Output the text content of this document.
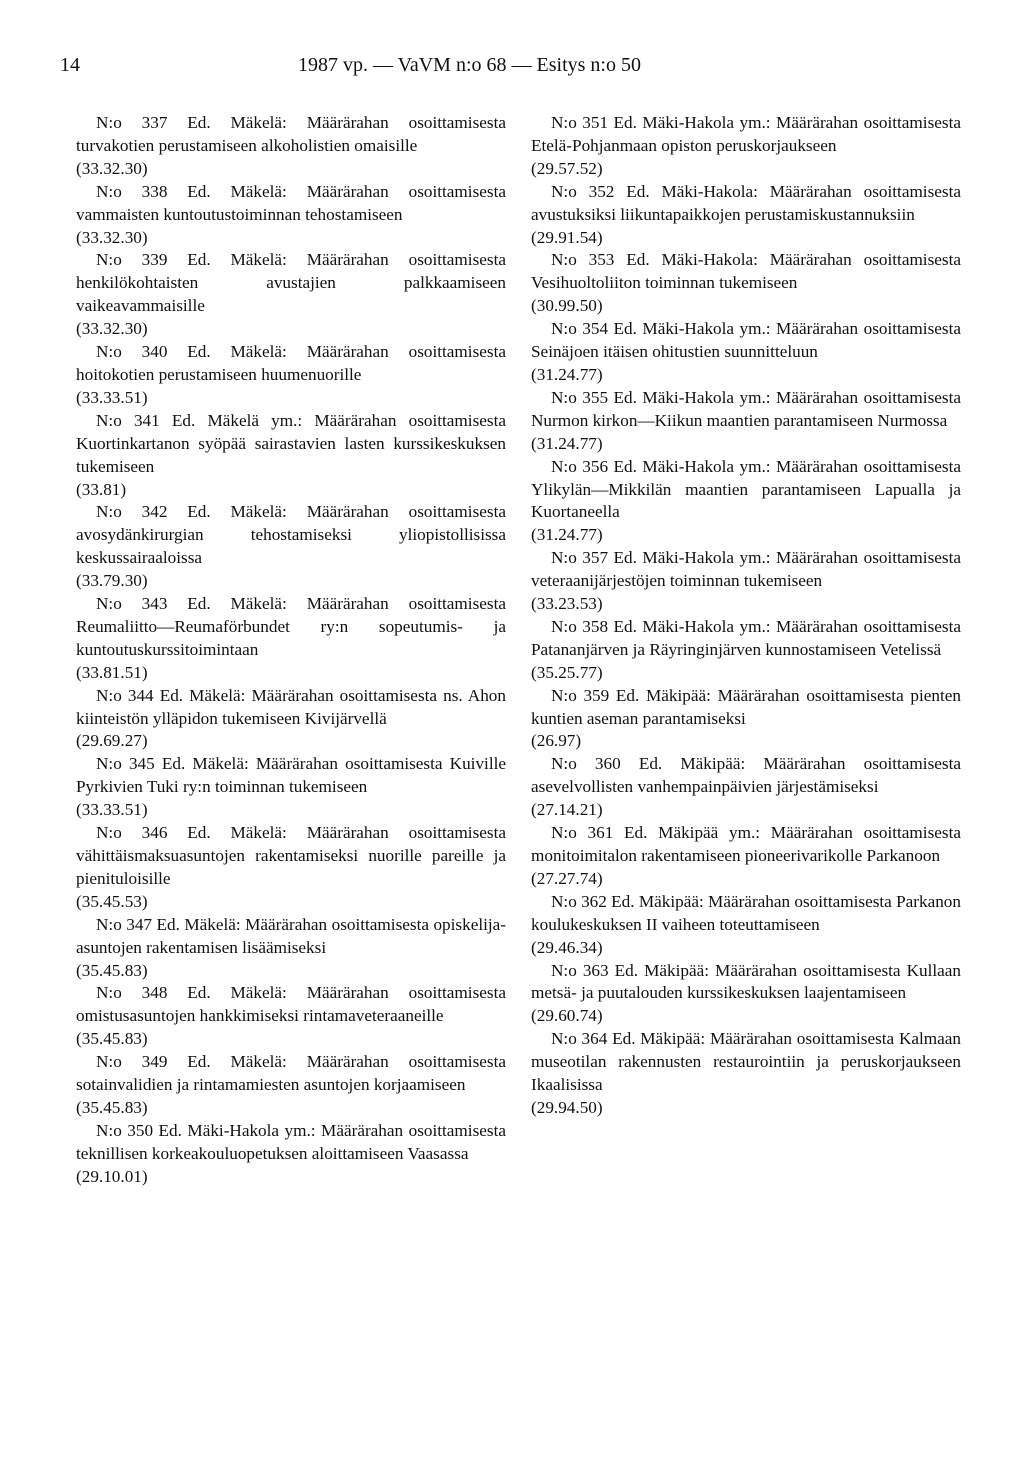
14	1987 vp. — VaVM n:o 68 — Esitys n:o 50

N:o 337 Ed. Mäkelä: Määrärahan osoittamisesta turvakotien perustamiseen alkoholistien omaisille

(33.32.30)

N:o 338 Ed. Mäkelä: Määrärahan osoittamisesta vammaisten kuntoutustoiminnan tehostamiseen

(33.32.30)

N:o 339 Ed. Mäkelä: Määrärahan osoittamisesta henkilökohtaisten avustajien palkkaamiseen vaikeavammaisille

(33.32.30)

N:o 340 Ed. Mäkelä: Määrärahan osoittamisesta hoitokotien perustamiseen huumenuorille

(33.33.51)

N:o 341 Ed. Mäkelä ym.: Määrärahan osoittamisesta Kuortinkartanon syöpää sairastavien lasten kurssikeskuksen tukemiseen

(33.81)

N:o 342 Ed. Mäkelä: Määrärahan osoittamisesta avosydänkirurgian tehostamiseksi yliopistollisissa keskussairaaloissa

(33.79.30)

N:o 343 Ed. Mäkelä: Määrärahan osoittamisesta Reumaliitto—Reumaförbundet ry:n sopeutumis- ja kuntoutuskurssitoimintaan

(33.81.51)

N:o 344 Ed. Mäkelä: Määrärahan osoittamisesta ns. Ahon kiinteistön ylläpidon tukemiseen Kivijärvellä

(29.69.27)

N:o 345 Ed. Mäkelä: Määrärahan osoittamisesta Kuiville Pyrkivien Tuki ry:n toiminnan tukemiseen

(33.33.51)

N:o 346 Ed. Mäkelä: Määrärahan osoittamisesta vähittäismaksuasuntojen rakentamiseksi nuorille pareille ja pienituloisille

(35.45.53)

N:o 347 Ed. Mäkelä: Määrärahan osoittamisesta opiskelija-asuntojen rakentamisen lisäämiseksi

(35.45.83)

N:o 348 Ed. Mäkelä: Määrärahan osoittamisesta omistusasuntojen hankkimiseksi rintamaveteraaneille

(35.45.83)

N:o 349 Ed. Mäkelä: Määrärahan osoittamisesta sotainvalidien ja rintamamiesten asuntojen korjaamiseen

(35.45.83)

N:o 350 Ed. Mäki-Hakola ym.: Määrärahan osoittamisesta teknillisen korkeakouluopetuksen aloittamiseen Vaasassa

(29.10.01)

N:o 351 Ed. Mäki-Hakola ym.: Määrärahan osoittamisesta Etelä-Pohjanmaan opiston peruskorjaukseen

(29.57.52)

N:o 352 Ed. Mäki-Hakola: Määrärahan osoittamisesta avustuksiksi liikuntapaikkojen perustamiskustannuksiin

(29.91.54)

N:o 353 Ed. Mäki-Hakola: Määrärahan osoittamisesta Vesihuoltoliiton toiminnan tukemiseen

(30.99.50)

N:o 354 Ed. Mäki-Hakola ym.: Määrärahan osoittamisesta Seinäjoen itäisen ohitustien suunnitteluun

(31.24.77)

N:o 355 Ed. Mäki-Hakola ym.: Määrärahan osoittamisesta Nurmon kirkon—Kiikun maantien parantamiseen Nurmossa

(31.24.77)

N:o 356 Ed. Mäki-Hakola ym.: Määrärahan osoittamisesta Ylikylän—Mikkilän maantien parantamiseen Lapualla ja Kuortaneella

(31.24.77)

N:o 357 Ed. Mäki-Hakola ym.: Määrärahan osoittamisesta veteraanijärjestöjen toiminnan tukemiseen

(33.23.53)

N:o 358 Ed. Mäki-Hakola ym.: Määrärahan osoittamisesta Patananjärven ja Räyringinjärven kunnostamiseen Vetelissä

(35.25.77)

N:o 359 Ed. Mäkipää: Määrärahan osoittamisesta pienten kuntien aseman parantamiseksi

(26.97)

N:o 360 Ed. Mäkipää: Määrärahan osoittamisesta asevelvollisten vanhempainpäivien järjestämiseksi

(27.14.21)

N:o 361 Ed. Mäkipää ym.: Määrärahan osoittamisesta monitoimitalon rakentamiseen pioneerivarikolle Parkanoon

(27.27.74)

N:o 362 Ed. Mäkipää: Määrärahan osoittamisesta Parkanon koulukeskuksen II vaiheen toteuttamiseen

(29.46.34)

N:o 363 Ed. Mäkipää: Määrärahan osoittamisesta Kullaan metsä- ja puutalouden kurssikeskuksen laajentamiseen

(29.60.74)

N:o 364 Ed. Mäkipää: Määrärahan osoittamisesta Kalmaan museotilan rakennusten restaurointiin ja peruskorjaukseen Ikaalisissa

(29.94.50)
